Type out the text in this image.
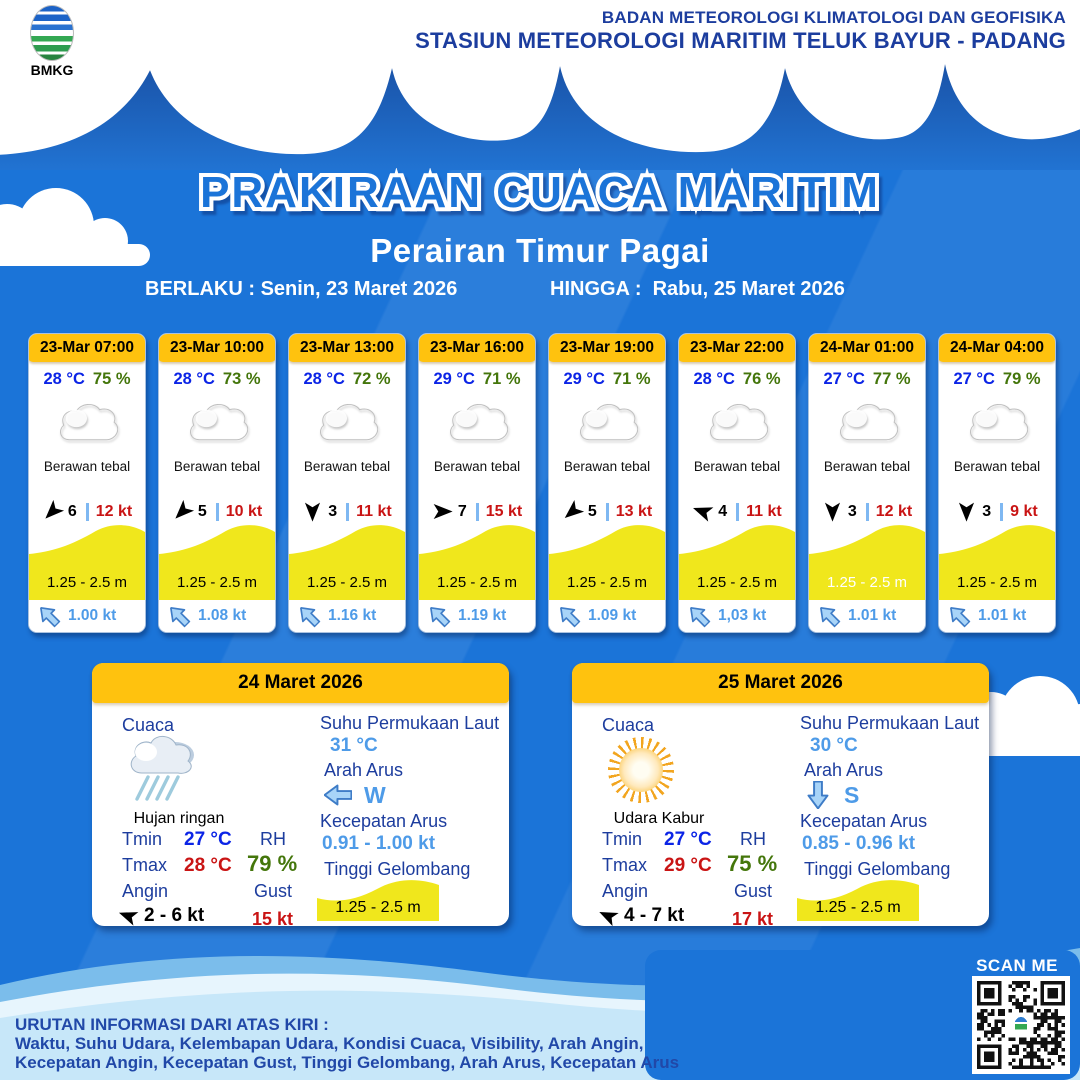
BMKG
BADAN METEOROLOGI KLIMATOLOGI DAN GEOFISIKA
STASIUN METEOROLOGI MARITIM TELUK BAYUR - PADANG
PRAKIRAAN CUACA MARITIM
Perairan Timur Pagai
BERLAKU : Senin, 23 Maret 2026	HINGGA : Rabu, 25 Maret 2026
23-Mar 07:00
28 °C 75 %
Berawan tebal
6 12 kt
1.25 - 2.5 m
1.00 kt
23-Mar 10:00
28 °C 73 %
Berawan tebal
5 10 kt
1.25 - 2.5 m
1.08 kt
23-Mar 13:00
28 °C 72 %
Berawan tebal
3 11 kt
1.25 - 2.5 m
1.16 kt
23-Mar 16:00
29 °C 71 %
Berawan tebal
7 15 kt
1.25 - 2.5 m
1.19 kt
23-Mar 19:00
29 °C 71 %
Berawan tebal
5 13 kt
1.25 - 2.5 m
1.09 kt
23-Mar 22:00
28 °C 76 %
Berawan tebal
4 11 kt
1.25 - 2.5 m
1,03 kt
24-Mar 01:00
27 °C 77 %
Berawan tebal
3 12 kt
1.25 - 2.5 m
1.01 kt
24-Mar 04:00
27 °C 79 %
Berawan tebal
3 9 kt
1.25 - 2.5 m
1.01 kt
24 Maret 2026
Cuaca
Hujan ringan
Tmin 27 °C
Tmax 28 °C
Angin
2 - 6 kt
RH
79 %
Gust
15 kt
Suhu Permukaan Laut
31 °C
Arah Arus
W
Kecepatan Arus
0.91 - 1.00 kt
Tinggi Gelombang
1.25 - 2.5 m
25 Maret 2026
Cuaca
Udara Kabur
Tmin 27 °C
Tmax 29 °C
Angin
4 - 7 kt
RH
75 %
Gust
17 kt
Suhu Permukaan Laut
30 °C
Arah Arus
S
Kecepatan Arus
0.85 - 0.96 kt
Tinggi Gelombang
1.25 - 2.5 m
URUTAN INFORMASI DARI ATAS KIRI :
Waktu, Suhu Udara, Kelembapan Udara, Kondisi Cuaca, Visibility, Arah Angin,
Kecepatan Angin, Kecepatan Gust, Tinggi Gelombang, Arah Arus, Kecepatan Arus
SCAN ME
